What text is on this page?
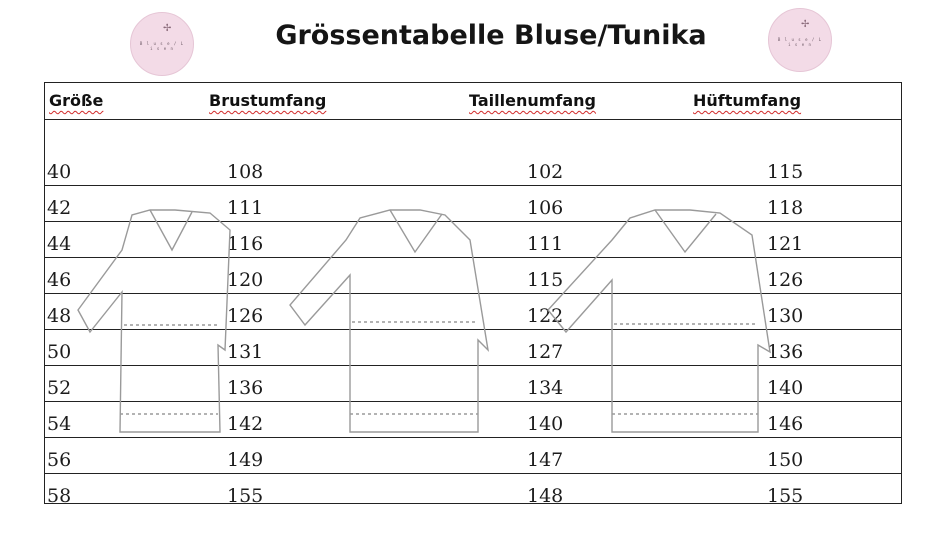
✢
B l u s e / L i s e n
✢
B l u s e / L i s e n
Grössentabelle Bluse/Tunika
Größe	Brustumfang	Taillenumfang	Hüftumfang
40	108	102	115
42	111	106	118
44	116	111	121
46	120	115	126
48	126	122	130
50	131	127	136
52	136	134	140
54	142	140	146
56	149	147	150
58	155	148	155
